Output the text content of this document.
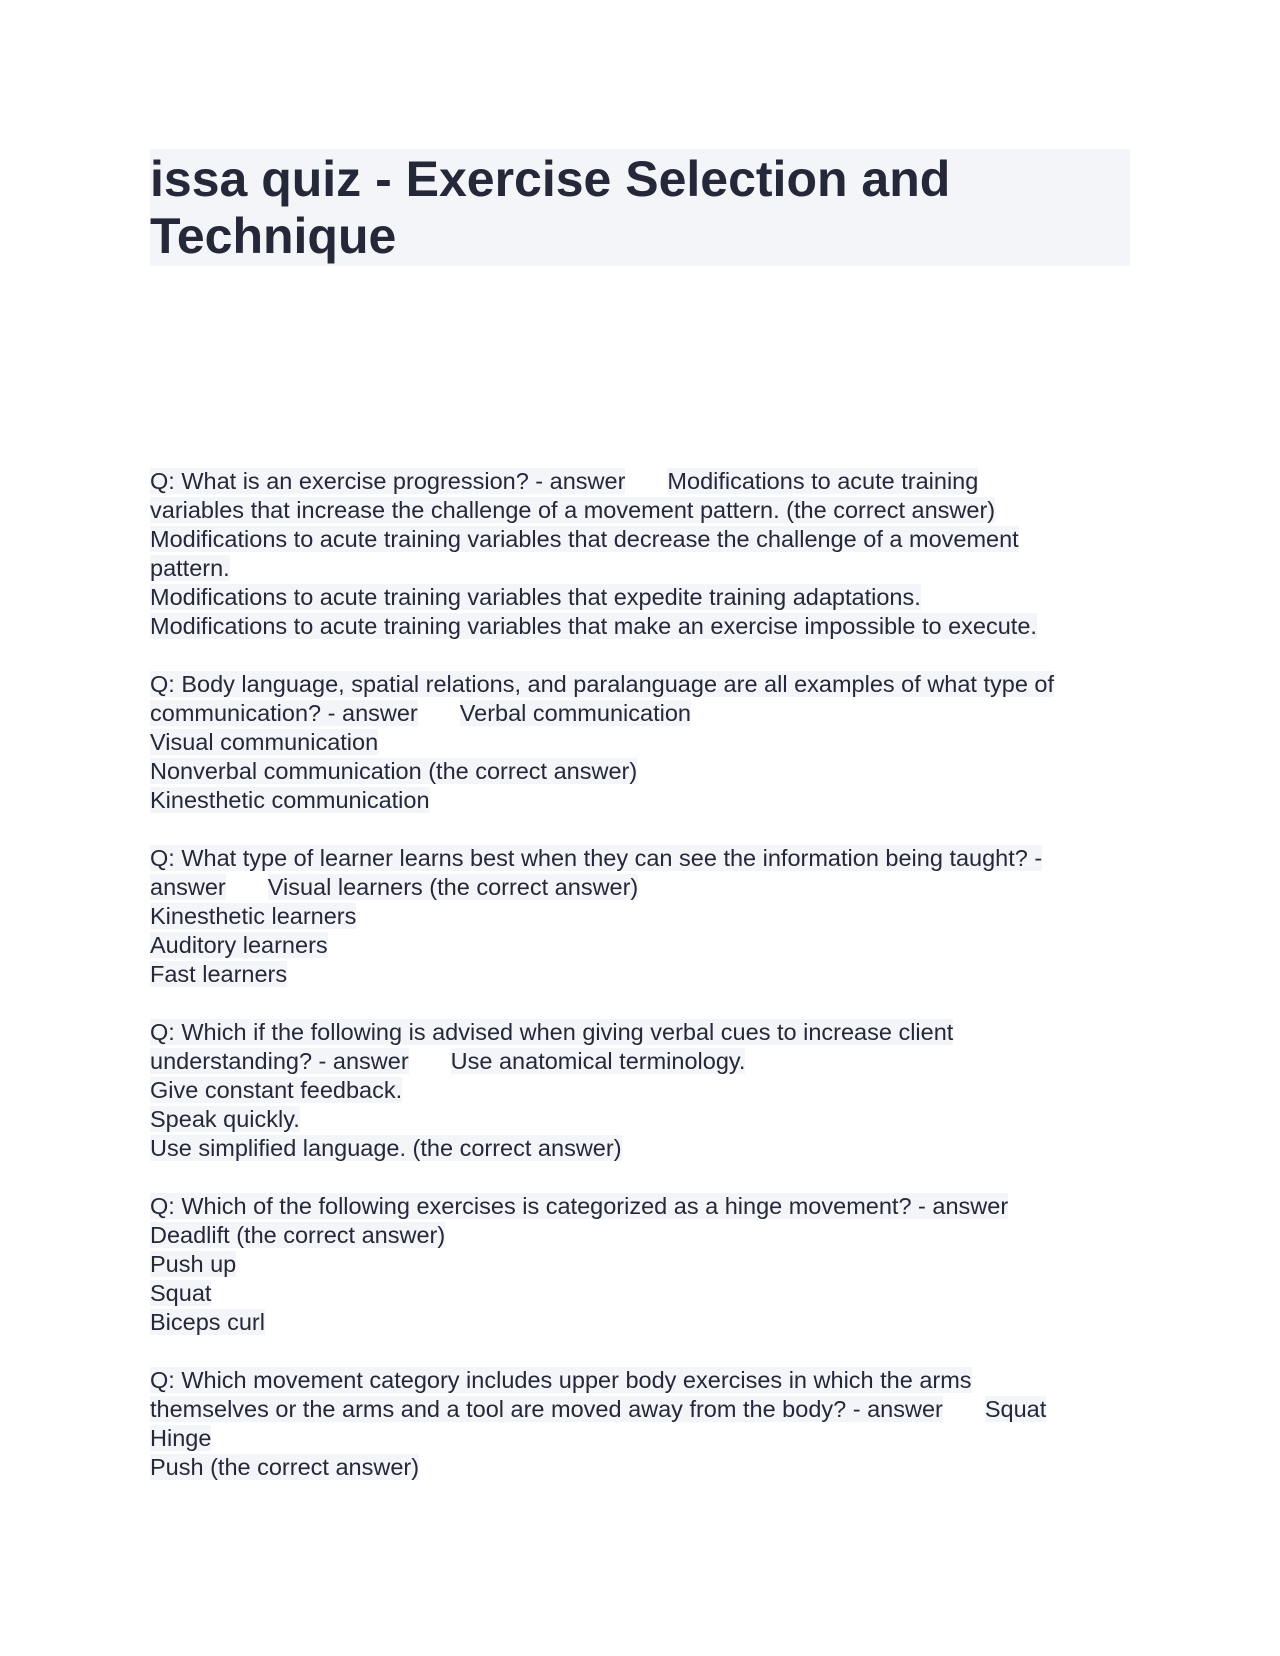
issa quiz - Exercise Selection and
Technique
Q: What is an exercise progression? - answer Modifications to acute training
variables that increase the challenge of a movement pattern. (the correct answer)
Modifications to acute training variables that decrease the challenge of a movement
pattern.
Modifications to acute training variables that expedite training adaptations.
Modifications to acute training variables that make an exercise impossible to execute.
Q: Body language, spatial relations, and paralanguage are all examples of what type of
communication? - answer Verbal communication
Visual communication
Nonverbal communication (the correct answer)
Kinesthetic communication
Q: What type of learner learns best when they can see the information being taught? -
answer Visual learners (the correct answer)
Kinesthetic learners
Auditory learners
Fast learners
Q: Which if the following is advised when giving verbal cues to increase client
understanding? - answer Use anatomical terminology.
Give constant feedback.
Speak quickly.
Use simplified language. (the correct answer)
Q: Which of the following exercises is categorized as a hinge movement? - answer
Deadlift (the correct answer)
Push up
Squat
Biceps curl
Q: Which movement category includes upper body exercises in which the arms
themselves or the arms and a tool are moved away from the body? - answer Squat
Hinge
Push (the correct answer)
